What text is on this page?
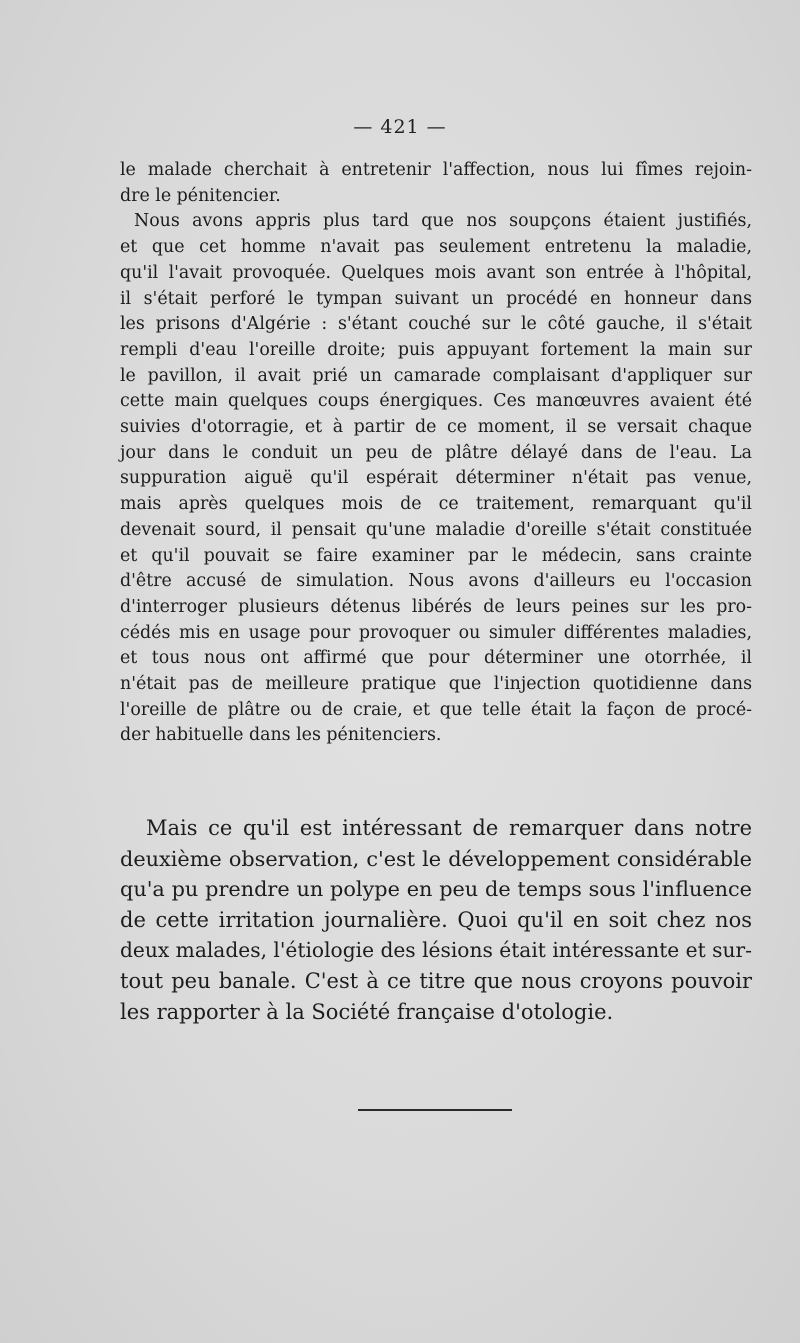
— 421 —
le malade cherchait à entretenir l'affection, nous lui fîmes rejoin-
dre le pénitencier.
Nous avons appris plus tard que nos soupçons étaient justifiés,
et que cet homme n'avait pas seulement entretenu la maladie,
qu'il l'avait provoquée. Quelques mois avant son entrée à l'hôpital,
il s'était perforé le tympan suivant un procédé en honneur dans
les prisons d'Algérie : s'étant couché sur le côté gauche, il s'était
rempli d'eau l'oreille droite; puis appuyant fortement la main sur
le pavillon, il avait prié un camarade complaisant d'appliquer sur
cette main quelques coups énergiques. Ces manœuvres avaient été
suivies d'otorragie, et à partir de ce moment, il se versait chaque
jour dans le conduit un peu de plâtre délayé dans de l'eau. La
suppuration aiguë qu'il espérait déterminer n'était pas venue,
mais après quelques mois de ce traitement, remarquant qu'il
devenait sourd, il pensait qu'une maladie d'oreille s'était constituée
et qu'il pouvait se faire examiner par le médecin, sans crainte
d'être accusé de simulation. Nous avons d'ailleurs eu l'occasion
d'interroger plusieurs détenus libérés de leurs peines sur les pro-
cédés mis en usage pour provoquer ou simuler différentes maladies,
et tous nous ont affirmé que pour déterminer une otorrhée, il
n'était pas de meilleure pratique que l'injection quotidienne dans
l'oreille de plâtre ou de craie, et que telle était la façon de procé-
der habituelle dans les pénitenciers.
Mais ce qu'il est intéressant de remarquer dans notre
deuxième observation, c'est le développement considérable
qu'a pu prendre un polype en peu de temps sous l'influence
de cette irritation journalière. Quoi qu'il en soit chez nos
deux malades, l'étiologie des lésions était intéressante et sur-
tout peu banale. C'est à ce titre que nous croyons pouvoir
les rapporter à la Société française d'otologie.
